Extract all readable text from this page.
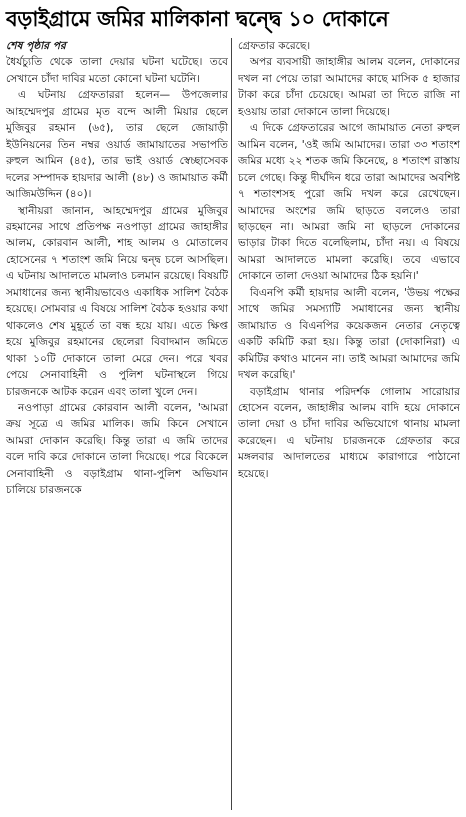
বড়াইগ্রামে জমির মালিকানা দ্বন্দ্বে ১০ দোকানে

শেষ পৃষ্ঠার পর

ধৈর্যচ্যুতি থেকে তালা দেয়ার ঘটনা ঘটেছে। তবে সেখানে চাঁদা দাবির মতো কোনো ঘটনা ঘটেনি।

এ ঘটনায় গ্রেফতাররা হলেন— উপজেলার আহম্মেদপুর গ্রামের মৃত বন্দে আলী মিয়ার ছেলে মুজিবুর রহমান (৬৫), তার ছেলে জোয়াড়ী ইউনিয়নের তিন নম্বর ওয়ার্ড জামায়াতের সভাপতি রুহুল আমিন (৪৫), তার ভাই ওয়ার্ড স্বেচ্ছাসেবক দলের সম্পাদক হায়দার আলী (৪৮) ও জামায়াত কর্মী আজিমউদ্দিন (৪০)।

স্থানীয়রা জানান, আহম্মেদপুর গ্রামের মুজিবুর রহমানের সাথে প্রতিপক্ষ নওপাড়া গ্রামের জাহাঙ্গীর আলম, কোরবান আলী, শাহ আলম ও মোতালেব হোসেনের ৭ শতাংশ জমি নিয়ে দ্বন্দ্ব চলে আসছিল। এ ঘটনায় আদালতে মামলাও চলমান রয়েছে। বিষয়টি সমাধানের জন্য স্থানীয়ভাবেও একাধিক সালিশ বৈঠক হয়েছে। সোমবার এ বিষয়ে সালিশ বৈঠক হওয়ার কথা থাকলেও শেষ মুহূর্তে তা বন্ধ হয়ে যায়। এতে ক্ষিপ্ত হয়ে মুজিবুর রহমানের ছেলেরা বিবাদমান জমিতে থাকা ১০টি দোকানে তালা মেরে দেন। পরে খবর পেয়ে সেনাবাহিনী ও পুলিশ ঘটনাস্থলে গিয়ে চারজনকে আটক করেন এবং তালা খুলে দেন।

নওপাড়া গ্রামের কোরবান আলী বলেন, 'আমরা ক্রয় সূত্রে এ জমির মালিক। জমি কিনে সেখানে আমরা দোকান করেছি। কিন্তু তারা এ জমি তাদের বলে দাবি করে দোকানে তালা দিয়েছে। পরে বিকেলে সেনাবাহিনী ও বড়াইগ্রাম থানা-পুলিশ অভিযান চালিয়ে চারজনকে

গ্রেফতার করেছে।

অপর ব্যবসায়ী জাহাঙ্গীর আলম বলেন, দোকানের দখল না পেয়ে তারা আমাদের কাছে মাসিক ৫ হাজার টাকা করে চাঁদা চেয়েছে। আমরা তা দিতে রাজি না হওয়ায় তারা দোকানে তালা দিয়েছে।

এ দিকে গ্রেফতারের আগে জামায়াত নেতা রুহুল আমিন বলেন, 'ওই জমি আমাদের। তারা ৩৩ শতাংশ জমির মধ্যে ২২ শতক জমি কিনেছে, ৪ শতাংশ রাস্তায় চলে গেছে। কিন্তু দীর্ঘদিন ধরে তারা আমাদের অবশিষ্ট ৭ শতাংশসহ পুরো জমি দখল করে রেখেছেন। আমাদের অংশের জমি ছাড়তে বললেও তারা ছাড়ছেন না। আমরা জমি না ছাড়লে দোকানের ভাড়ার টাকা দিতে বলেছিলাম, চাঁদা নয়। এ বিষয়ে আমরা আদালতে মামলা করেছি। তবে এভাবে দোকানে তালা দেওয়া আমাদের ঠিক হয়নি।'

বিএনপি কর্মী হায়দার আলী বলেন, 'উভয় পক্ষের সাথে জমির সমস্যাটি সমাধানের জন্য স্থানীয় জামায়াত ও বিএনপির কয়েকজন নেতার নেতৃত্বে একটি কমিটি করা হয়। কিন্তু তারা (দোকানিরা) এ কমিটির কথাও মানেন না। তাই আমরা আমাদের জমি দখল করেছি।'

বড়াইগ্রাম থানার পরিদর্শক গোলাম সারোয়ার হোসেন বলেন, জাহাঙ্গীর আলম বাদি হয়ে দোকানে তালা দেয়া ও চাঁদা দাবির অভিযোগে থানায় মামলা করেছেন। এ ঘটনায় চারজনকে গ্রেফতার করে মঙ্গলবার আদালতের মাধ্যমে কারাগারে পাঠানো হয়েছে।
